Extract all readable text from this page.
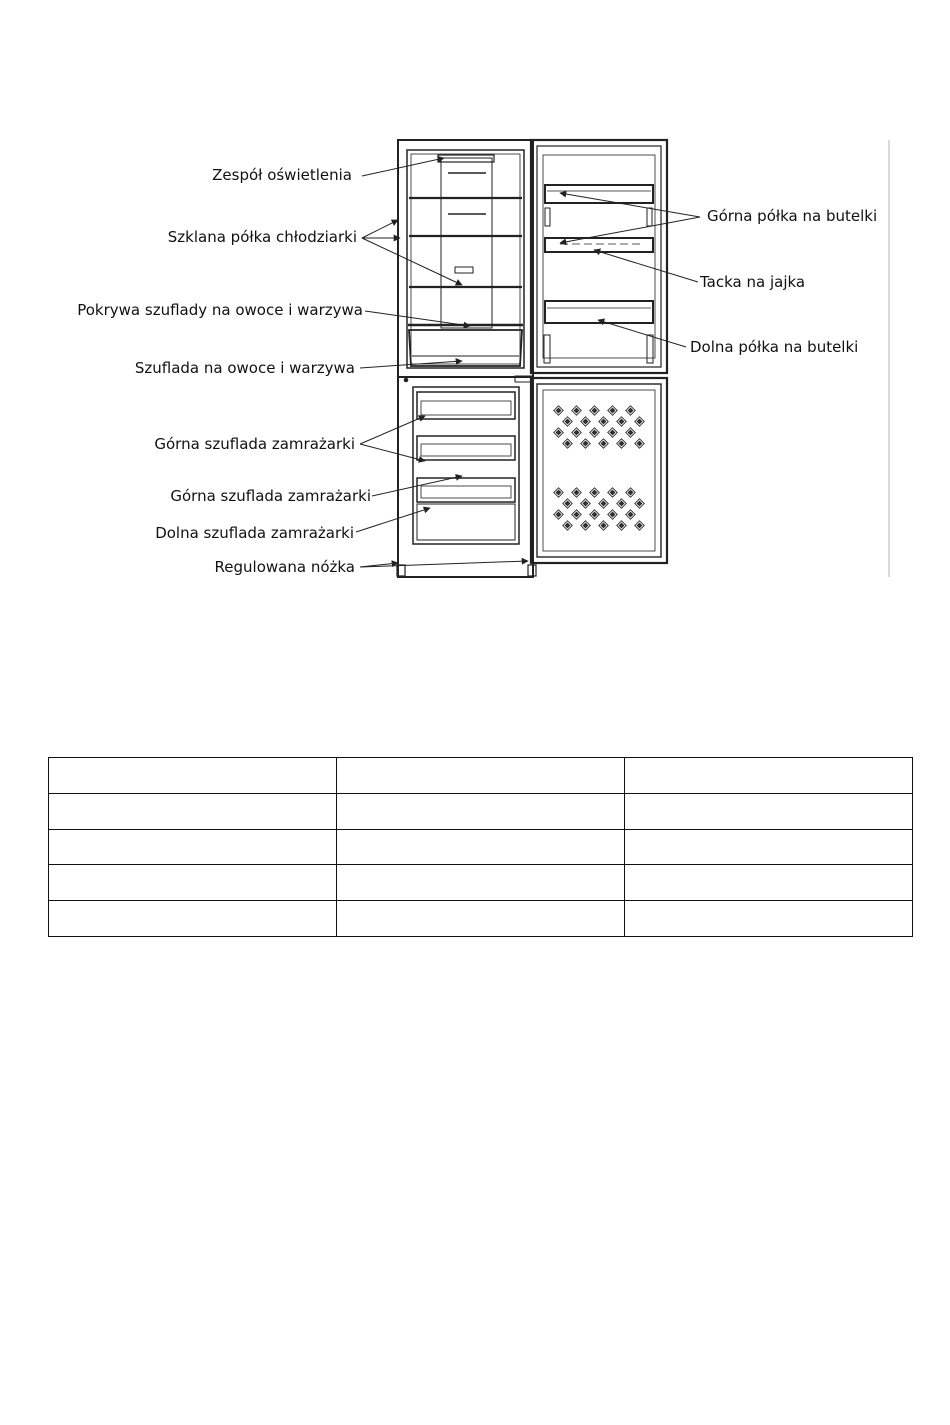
Zespół oświetlenia
Szklana półka chłodziarki
Pokrywa szuflady na owoce i warzywa
Szuflada na owoce i warzywa
Górna szuflada zamrażarki
Górna szuflada zamrażarki
Dolna szuflada zamrażarki
Regulowana nóżka
Górna półka na butelki
Tacka na jajka
Dolna półka na butelki
